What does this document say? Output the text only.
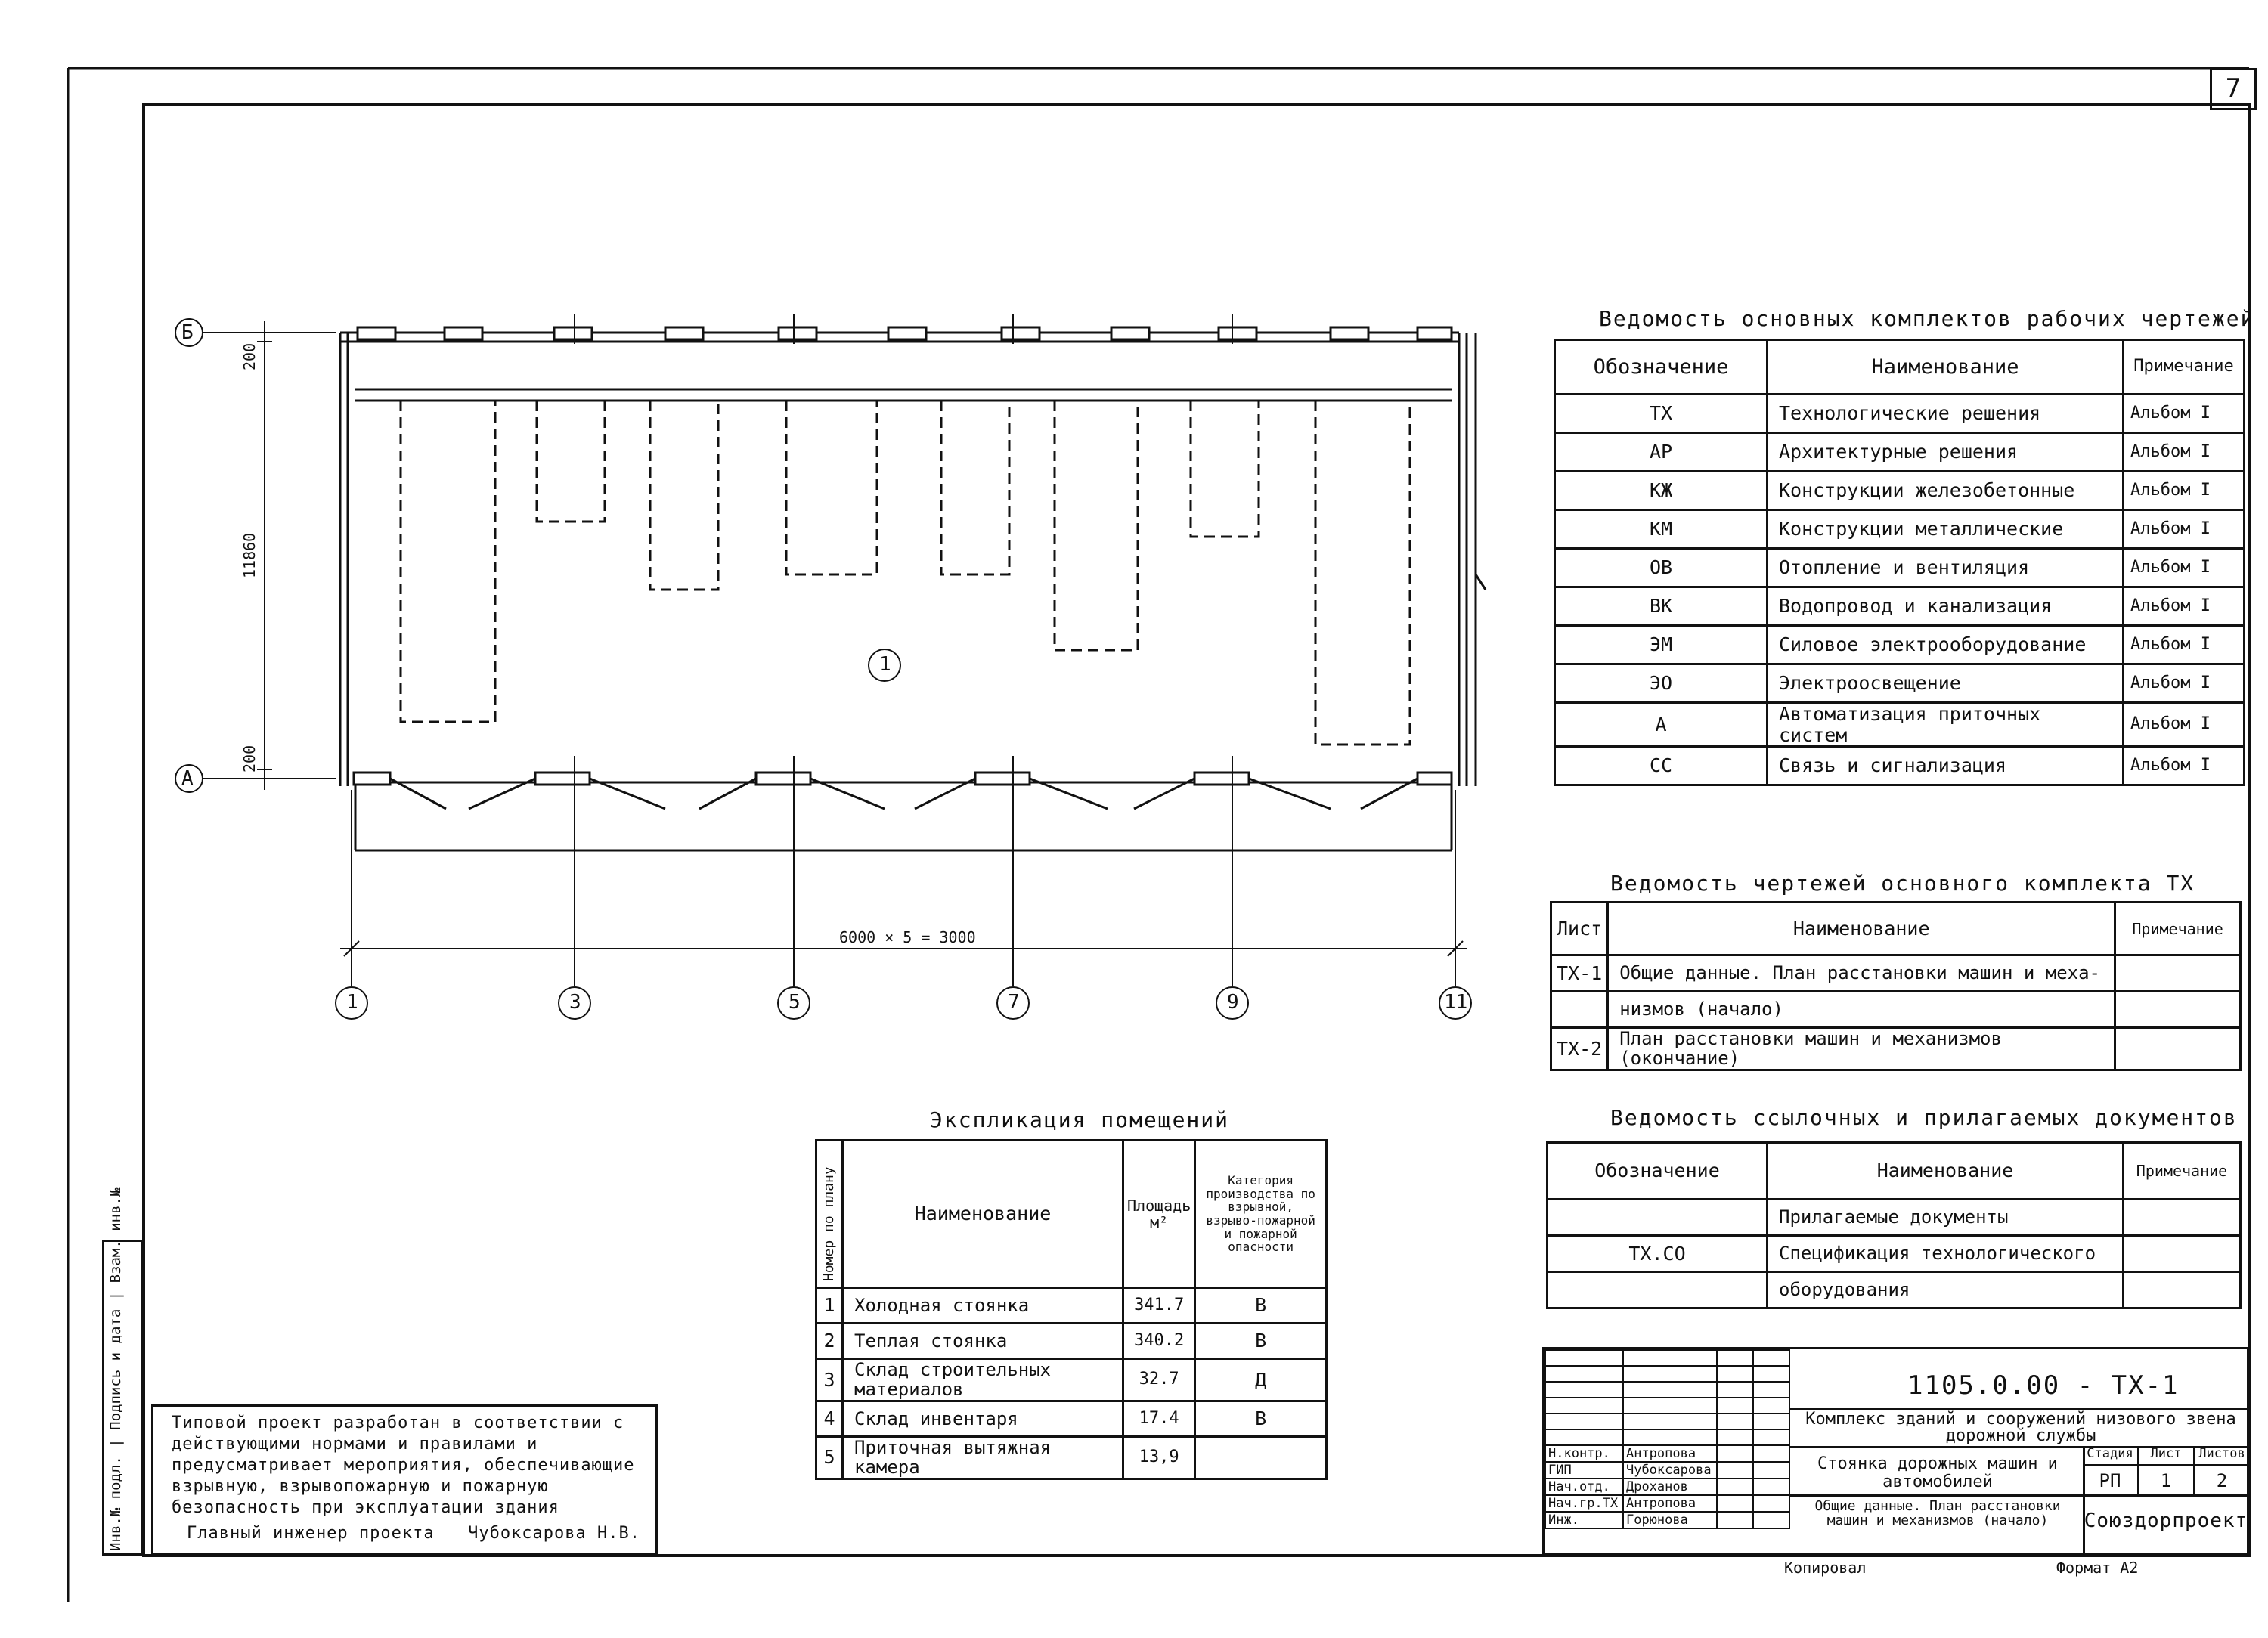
Б
А
1	3	5	7	9	11
1
200
11860
200
6000 × 5 = 3000
7
Ведомость основных комплектов рабочих чертежей
Обозначение	Наименование	Примечание
ТХ	Технологические решения	Альбом I
АР	Архитектурные решения	Альбом I
КЖ	Конструкции железобетонные	Альбом I
КМ	Конструкции металлические	Альбом I
ОВ	Отопление и вентиляция	Альбом I
ВК	Водопровод и канализация	Альбом I
ЭМ	Силовое электрооборудование	Альбом I
ЭО	Электроосвещение	Альбом I
А	Автоматизация приточных систем	Альбом I
СС	Связь и сигнализация	Альбом I
Ведомость чертежей основного комплекта ТХ
Лист	Наименование	Примечание
ТХ-1	Общие данные. План расстановки машин и меха-	
	низмов (начало)	
ТХ-2	План расстановки машин и механизмов (окончание)	
Ведомость ссылочных и прилагаемых документов
Обозначение	Наименование	Примечание
	Прилагаемые документы	
ТХ.СО	Спецификация технологического	
	оборудования	
Экспликация помещений
Номер по плану	Наименование	Площадь м²	Категория производства по взрывной, взрыво-пожарной и пожарной опасности
1	Холодная стоянка	341.7	В
2	Теплая стоянка	340.2	В
3	Склад строительных материалов	32.7	Д
4	Склад инвентаря	17.4	В
5	Приточная вытяжная камера	13,9	
Типовой проект разработан в соответствии с действующими нормами и правилами и предусматривает мероприятия, обеспечивающие взрывную, взрывопожарную и пожарную безопасность при эксплуатации здания
Главный инженер проекта Чубоксарова Н.В.
Инв.№ подл. | Подпись и дата | Взам. инв.№

				Н.контр.	Антропова		
ГИП	Чубоксарова		
Нач.отд.	Дроханов		
Нач.гр.ТХ	Антропова		
Инж.	Горюнова		
1105.0.00 - ТХ-1
Комплекс зданий и сооружений низового звена дорожной службы
Стоянка дорожных машин и автомобилей
Общие данные. План расстановки машин и механизмов (начало)
Стадия	Лист	Листов
РП	1	2
Союздорпроект
Копировал	Формат А2
